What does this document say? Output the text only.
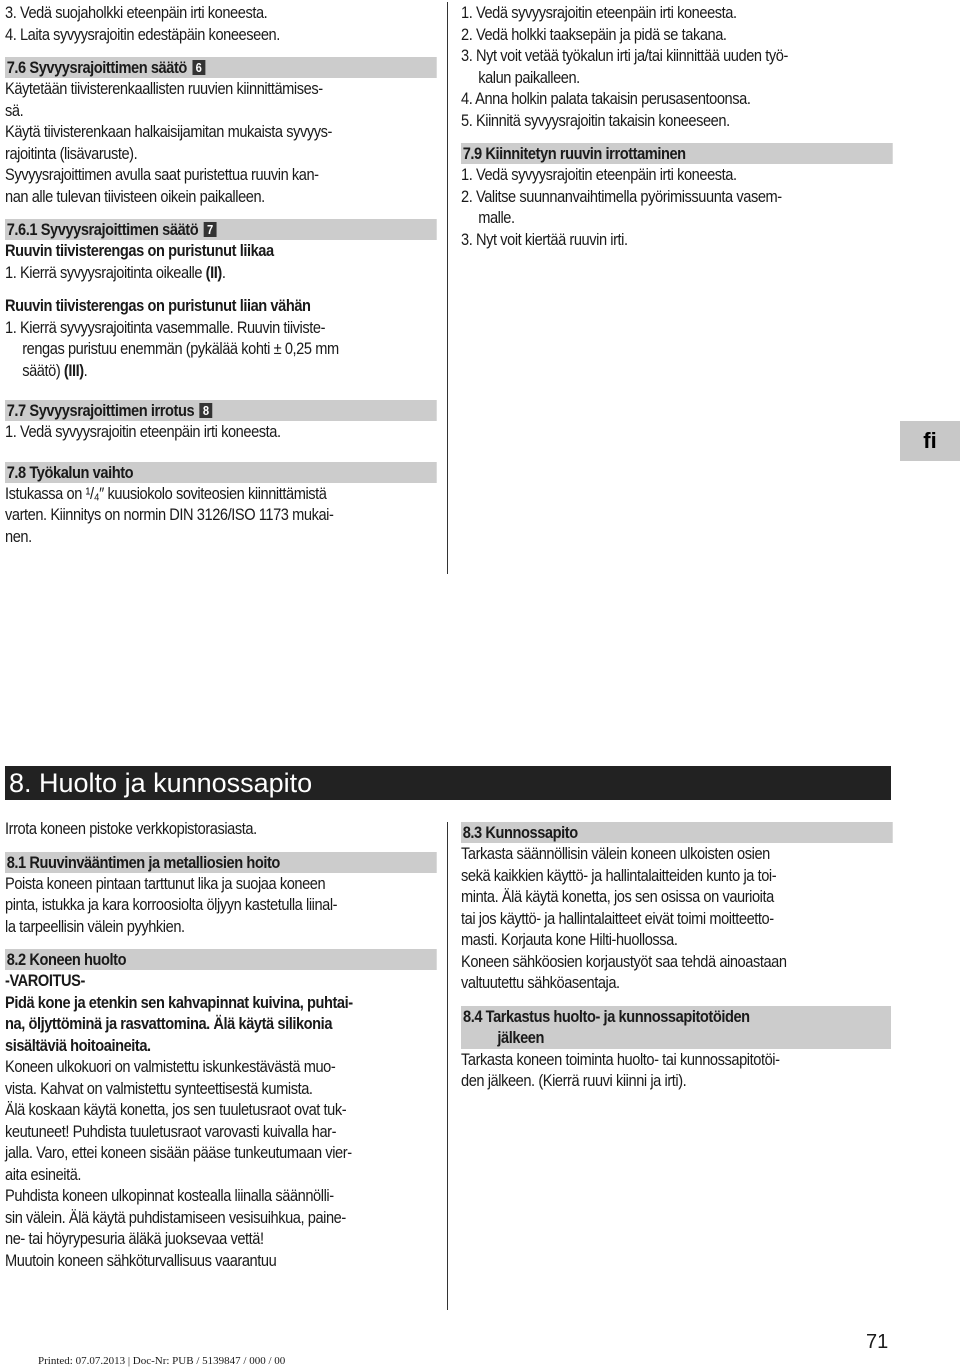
3. Vedä suojaholkki eteenpäin irti koneesta.

4. Laita syvyysrajoitin edestäpäin koneeseen.

7.6 Syvyysrajoittimen säätö 6

Käytetään tiivisterenkaallisten ruuvien kiinnittämises-

sä.

Käytä tiivisterenkaan halkaisijamitan mukaista syvyys-

rajoitinta (lisävaruste).

Syvyysrajoittimen avulla saat puristettua ruuvin kan-

nan alle tulevan tiivisteen oikein paikalleen.

7.6.1 Syvyysrajoittimen säätö 7

Ruuvin tiivisterengas on puristunut liikaa

1. Kierrä syvyysrajoitinta oikealle (II).

Ruuvin tiivisterengas on puristunut liian vähän

1. Kierrä syvyysrajoitinta vasemmalle. Ruuvin tiiviste-

rengas puristuu enemmän (pykälää kohti ± 0,25 mm

säätö) (III).

7.7 Syvyysrajoittimen irrotus 8

1. Vedä syvyysrajoitin eteenpäin irti koneesta.

7.8 Työkalun vaihto

Istukassa on ¹/₄″ kuusiokolo soviteosien kiinnittämistä

varten. Kiinnitys on normin DIN 3126/ISO 1173 mukai-

nen.

1. Vedä syvyysrajoitin eteenpäin irti koneesta.

2. Vedä holkki taaksepäin ja pidä se takana.

3. Nyt voit vetää työkalun irti ja/tai kiinnittää uuden työ-

kalun paikalleen.

4. Anna holkin palata takaisin perusasentoonsa.

5. Kiinnitä syvyysrajoitin takaisin koneeseen.

7.9 Kiinnitetyn ruuvin irrottaminen

1. Vedä syvyysrajoitin eteenpäin irti koneesta.

2. Valitse suunnanvaihtimella pyörimissuunta vasem-

malle.

3. Nyt voit kiertää ruuvin irti.

fi
8. Huolto ja kunnossapito

Irrota koneen pistoke verkkopistorasiasta.

8.1 Ruuvinvääntimen ja metalliosien hoito

Poista koneen pintaan tarttunut lika ja suojaa koneen

pinta, istukka ja kara korroosiolta öljyyn kastetulla liinal-

la tarpeellisin välein pyyhkien.

8.2 Koneen huolto

-VAROITUS-

Pidä kone ja etenkin sen kahvapinnat kuivina, puhtai-

na, öljyttöminä ja rasvattomina. Älä käytä silikonia

sisältäviä hoitoaineita.

Koneen ulkokuori on valmistettu iskunkestävästä muo-

vista. Kahvat on valmistettu synteettisestä kumista.

Älä koskaan käytä konetta, jos sen tuuletusraot ovat tuk-

keutuneet! Puhdista tuuletusraot varovasti kuivalla har-

jalla. Varo, ettei koneen sisään pääse tunkeutumaan vier-

aita esineitä.

Puhdista koneen ulkopinnat kostealla liinalla säännölli-

sin välein. Älä käytä puhdistamiseen vesisuihkua, paine-

ne- tai höyrypesuria äläkä juoksevaa vettä!

Muutoin koneen sähköturvallisuus vaarantuu

8.3 Kunnossapito

Tarkasta säännöllisin välein koneen ulkoisten osien

sekä kaikkien käyttö- ja hallintalaitteiden kunto ja toi-

minta. Älä käytä konetta, jos sen osissa on vaurioita

tai jos käyttö- ja hallintalaitteet eivät toimi moitteetto-

masti. Korjauta kone Hilti-huollossa.

Koneen sähköosien korjaustyöt saa tehdä ainoastaan

valtuutettu sähköasentaja.

8.4 Tarkastus huolto- ja kunnossapitotöiden

jälkeen

Tarkasta koneen toiminta huolto- tai kunnossapitotöi-

den jälkeen. (Kierrä ruuvi kiinni ja irti).

71
Printed: 07.07.2013 | Doc-Nr: PUB / 5139847 / 000 / 00
